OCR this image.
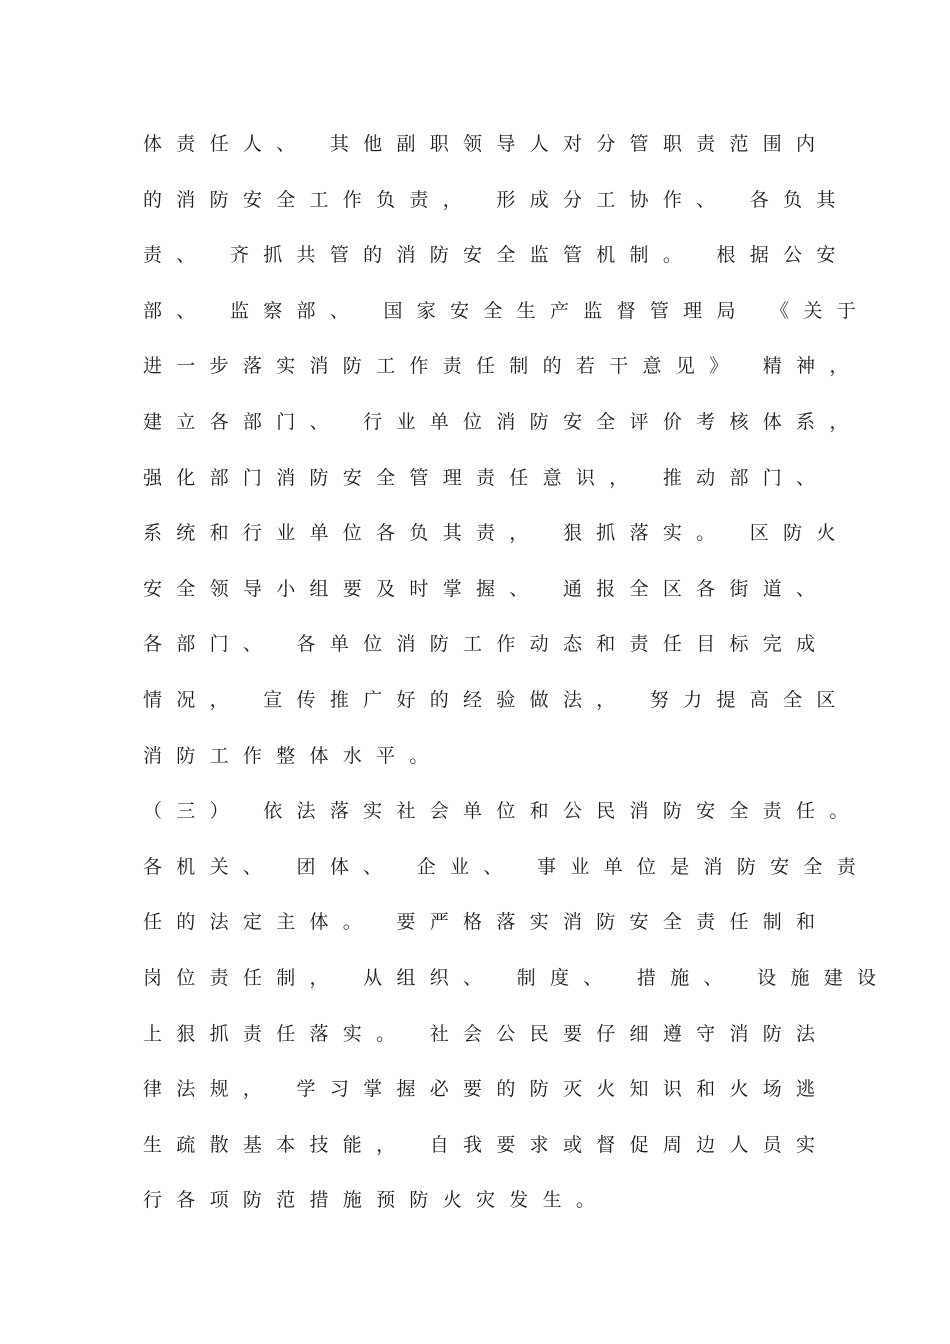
体责任人、 其他副职领导人对分管职责范围内
的消防安全工作负责， 形成分工协作、 各负其
责、 齐抓共管的消防安全监管机制。 根据公安
部、 监察部、 国家安全生产监督管理局 《关于
进一步落实消防工作责任制的若干意见》 精神，
建立各部门、 行业单位消防安全评价考核体系，
强化部门消防安全管理责任意识， 推动部门、
系统和行业单位各负其责， 狠抓落实。 区防火
安全领导小组要及时掌握、 通报全区各街道、
各部门、 各单位消防工作动态和责任目标完成
情况， 宣传推广好的经验做法， 努力提高全区
消防工作整体水平。
（三） 依法落实社会单位和公民消防安全责任。
各机关、 团体、 企业、 事业单位是消防安全责
任的法定主体。 要严格落实消防安全责任制和
岗位责任制， 从组织、 制度、 措施、 设施建设
上狠抓责任落实。 社会公民要仔细遵守消防法
律法规， 学习掌握必要的防灭火知识和火场逃
生疏散基本技能， 自我要求或督促周边人员实
行各项防范措施预防火灾发生。
